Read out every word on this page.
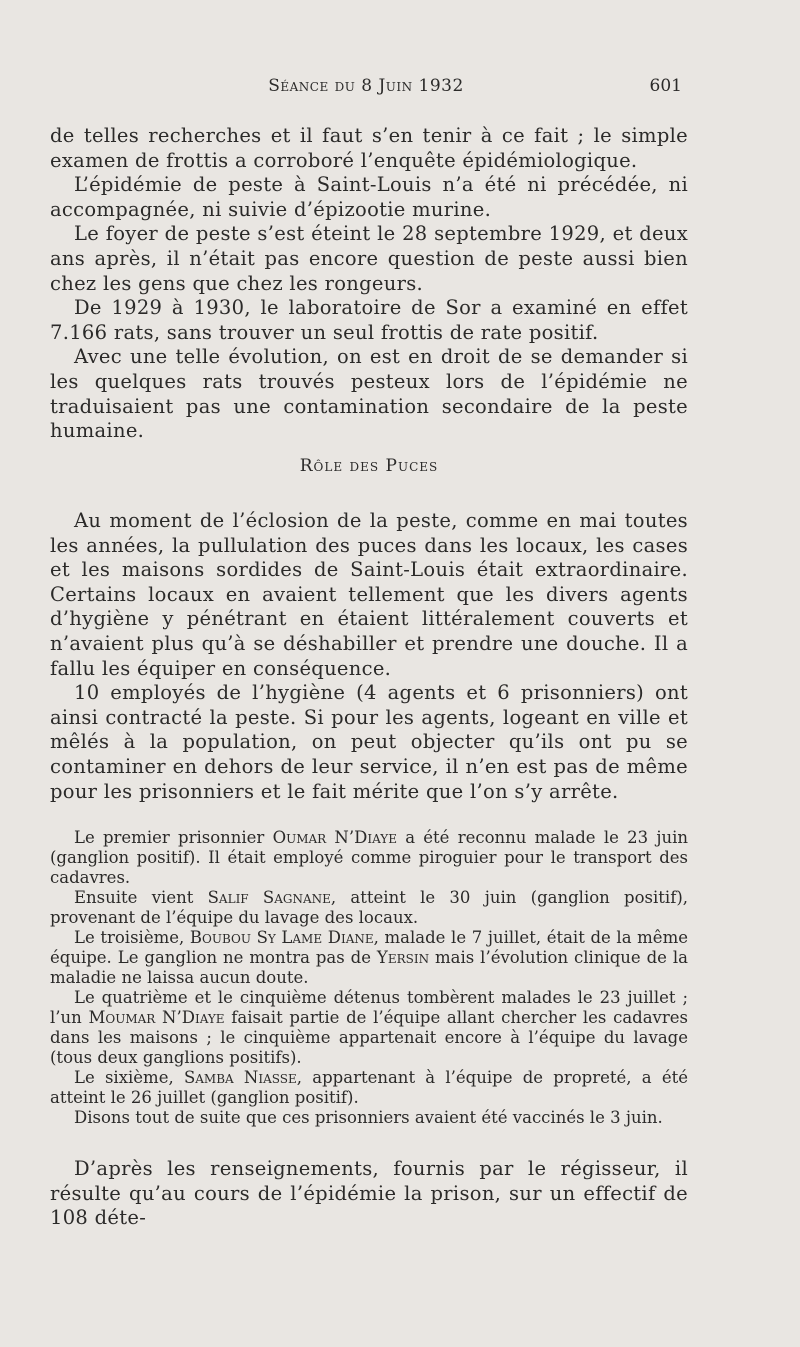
Séance du 8 Juin 1932	601

de telles recherches et il faut s’en tenir à ce fait ; le simple examen de frottis a corroboré l’enquête épidémiologique.

L’épidémie de peste à Saint-Louis n’a été ni précédée, ni accompagnée, ni suivie d’épizootie murine.

Le foyer de peste s’est éteint le 28 septembre 1929, et deux ans après, il n’était pas encore question de peste aussi bien chez les gens que chez les rongeurs.

De 1929 à 1930, le laboratoire de Sor a examiné en effet 7.166 rats, sans trouver un seul frottis de rate positif.

Avec une telle évolution, on est en droit de se demander si les quelques rats trouvés pesteux lors de l’épidémie ne traduisaient pas une contamination secondaire de la peste humaine.

Rôle des Puces

Au moment de l’éclosion de la peste, comme en mai toutes les années, la pullulation des puces dans les locaux, les cases et les maisons sordides de Saint-Louis était extraordinaire. Certains locaux en avaient tellement que les divers agents d’hygiène y pénétrant en étaient littéralement couverts et n’avaient plus qu’à se déshabiller et prendre une douche. Il a fallu les équiper en conséquence.

10 employés de l’hygiène (4 agents et 6 prisonniers) ont ainsi contracté la peste. Si pour les agents, logeant en ville et mêlés à la population, on peut objecter qu’ils ont pu se contaminer en dehors de leur service, il n’en est pas de même pour les prisonniers et le fait mérite que l’on s’y arrête.

Le premier prisonnier Oumar N’Diaye a été reconnu malade le 23 juin (ganglion positif). Il était employé comme piroguier pour le transport des cadavres.

Ensuite vient Salif Sagnane, atteint le 30 juin (ganglion positif), provenant de l’équipe du lavage des locaux.

Le troisième, Boubou Sy Lame Diane, malade le 7 juillet, était de la même équipe. Le ganglion ne montra pas de Yersin mais l’évolution clinique de la maladie ne laissa aucun doute.

Le quatrième et le cinquième détenus tombèrent malades le 23 juillet ; l’un Moumar N’Diaye faisait partie de l’équipe allant chercher les cadavres dans les maisons ; le cinquième appartenait encore à l’équipe du lavage (tous deux ganglions positifs).

Le sixième, Samba Niasse, appartenant à l’équipe de propreté, a été atteint le 26 juillet (ganglion positif).

Disons tout de suite que ces prisonniers avaient été vaccinés le 3 juin.

D’après les renseignements, fournis par le régisseur, il résulte qu’au cours de l’épidémie la prison, sur un effectif de 108 déte-
